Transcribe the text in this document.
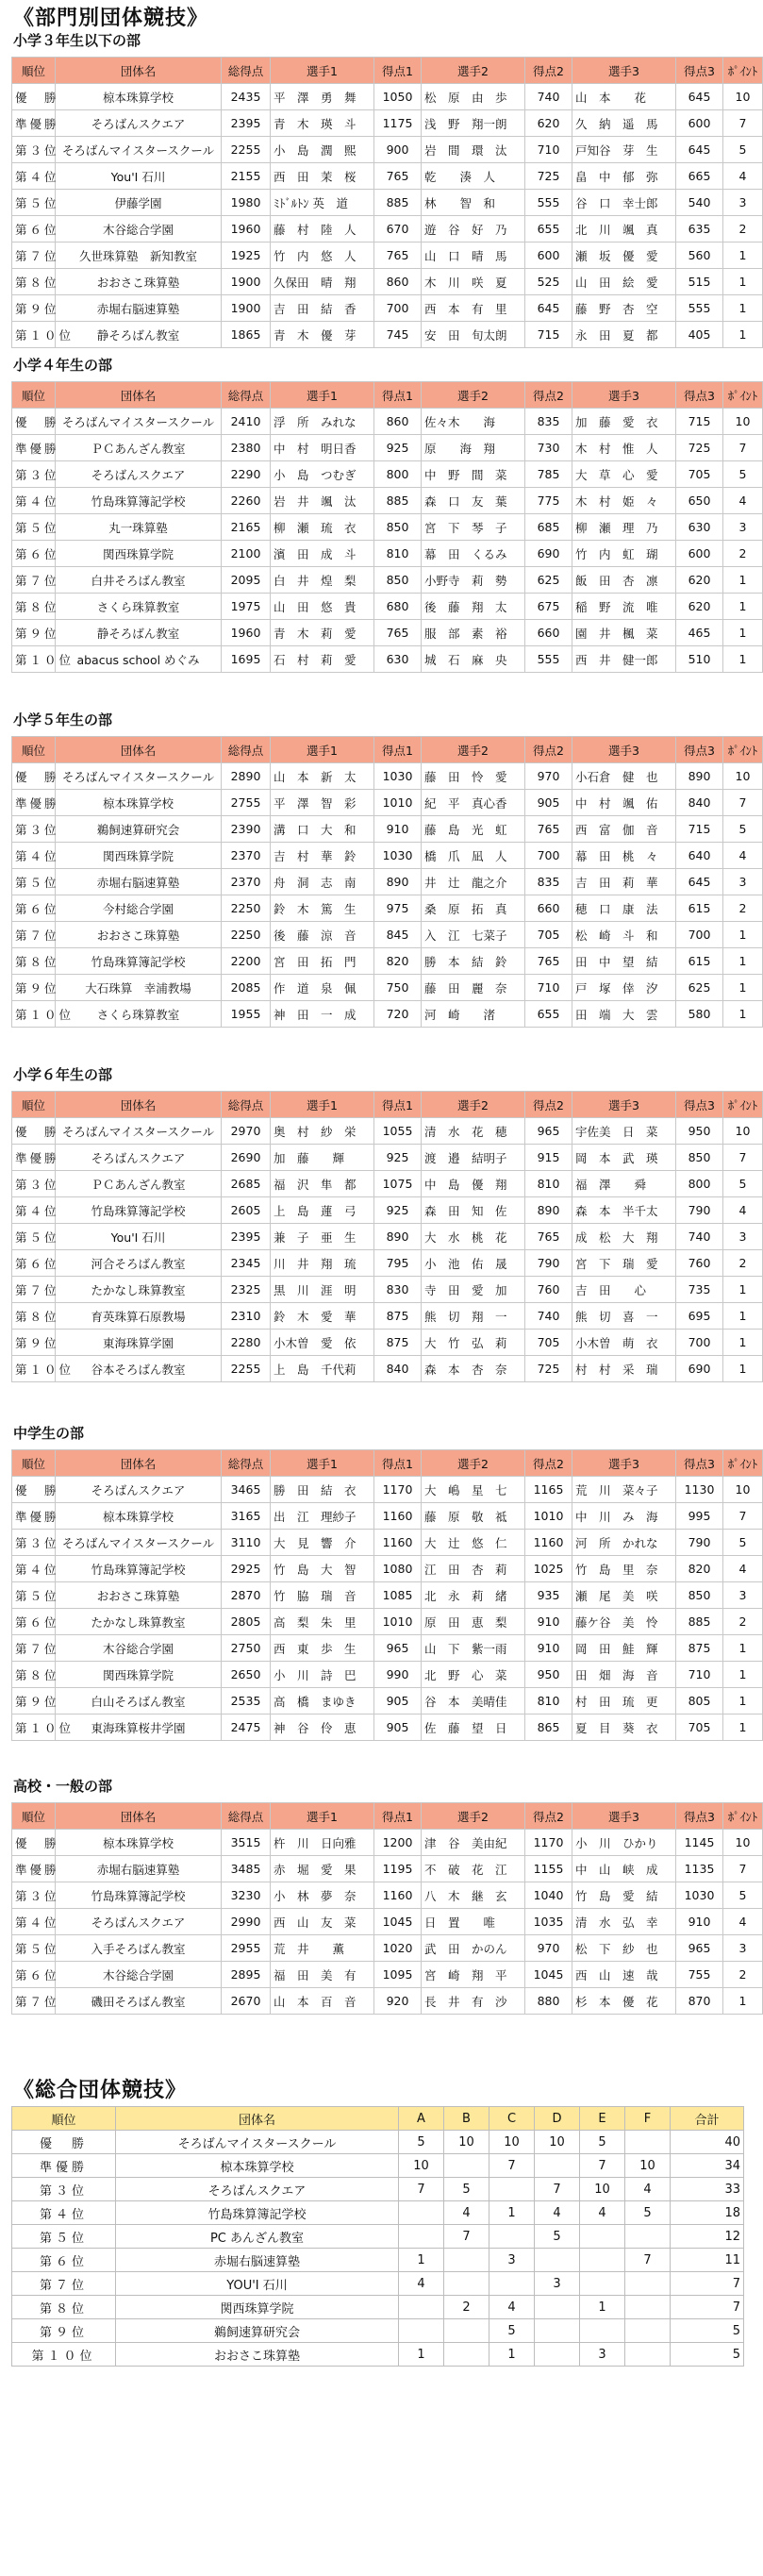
《部門別団体競技》
小学３年生以下の部
順位	団体名	総得点	選手1	得点1	選手2	得点2	選手3	得点3	ﾎﾟｲﾝﾄ
優　勝	椋本珠算学校	2435	平　澤　勇　舞	1050	松　原　由　歩	740	山　本　　花	645	10
準優勝	そろばんスクエア	2395	青　木　瑛　斗	1175	浅　野　翔一朗	620	久　納　遥　馬	600	7
第３位	そろばんマイスタースクール	2255	小　島　潤　熙	900	岩　間　環　汰	710	戸知谷　芽　生	645	5
第４位	You'I 石川	2155	西　田　茉　桜	765	乾　　湊　人	725	畠　中　郁　弥	665	4
第５位	伊藤学園	1980	ﾐﾄﾞﾙﾄﾝ 英　道	885	林　　智　和	555	谷　口　幸士郎	540	3
第６位	木谷総合学園	1960	藤　村　陸　人	670	遊　谷　好　乃	655	北　川　颯　真	635	2
第７位	久世珠算塾　新知教室	1925	竹　内　悠　人	765	山　口　晴　馬	600	瀬　坂　優　愛	560	1
第８位	おおさこ珠算塾	1900	久保田　晴　翔	860	木　川　咲　夏	525	山　田　絵　愛	515	1
第９位	赤堀右脳速算塾	1900	吉　田　結　香	700	西　本　有　里	645	藤　野　杏　空	555	1
第１０位	静そろばん教室	1865	青　木　優　芽	745	安　田　旬太朗	715	永　田　夏　都	405	1
小学４年生の部
順位	団体名	総得点	選手1	得点1	選手2	得点2	選手3	得点3	ﾎﾟｲﾝﾄ
優　勝	そろばんマイスタースクール	2410	浮　所　みれな	860	佐々木　　海	835	加　藤　愛　衣	715	10
準優勝	ＰＣあんざん教室	2380	中　村　明日香	925	原　　海　翔	730	木　村　惟　人	725	7
第３位	そろばんスクエア	2290	小　島　つむぎ	800	中　野　間　菜	785	大　草　心　愛	705	5
第４位	竹島珠算簿記学校	2260	岩　井　颯　汰	885	森　口　友　葉	775	木　村　姫　々	650	4
第５位	丸一珠算塾	2165	柳　瀬　琉　衣	850	宮　下　琴　子	685	柳　瀬　理　乃	630	3
第６位	関西珠算学院	2100	濱　田　成　斗	810	幕　田　くるみ	690	竹　内　虹　瑚	600	2
第７位	白井そろばん教室	2095	白　井　煌　梨	850	小野寺　莉　勢	625	飯　田　杏　凛	620	1
第８位	さくら珠算教室	1975	山　田　悠　貴	680	後　藤　翔　太	675	稲　野　流　唯	620	1
第９位	静そろばん教室	1960	青　木　莉　愛	765	服　部　素　裕	660	園　井　楓　菜	465	1
第１０位	abacus school めぐみ	1695	石　村　莉　愛	630	城　石　麻　央	555	西　井　健一郎	510	1
小学５年生の部
順位	団体名	総得点	選手1	得点1	選手2	得点2	選手3	得点3	ﾎﾟｲﾝﾄ
優　勝	そろばんマイスタースクール	2890	山　本　新　太	1030	藤　田　怜　愛	970	小石倉　健　也	890	10
準優勝	椋本珠算学校	2755	平　澤　智　彩	1010	紀　平　真心香	905	中　村　颯　佑	840	7
第３位	鵜飼速算研究会	2390	溝　口　大　和	910	藤　島　光　虹	765	西　富　伽　音	715	5
第４位	関西珠算学院	2370	吉　村　華　鈴	1030	橋　爪　凪　人	700	幕　田　桃　々	640	4
第５位	赤堀右脳速算塾	2370	舟　洞　志　南	890	井　辻　龍之介	835	吉　田　莉　華	645	3
第６位	今村総合学園	2250	鈴　木　篤　生	975	桑　原　拓　真	660	穂　口　康　法	615	2
第７位	おおさこ珠算塾	2250	後　藤　涼　音	845	入　江　七菜子	705	松　崎　斗　和	700	1
第８位	竹島珠算簿記学校	2200	宮　田　拓　門	820	勝　本　結　鈴	765	田　中　望　結	615	1
第９位	大石珠算　幸浦教場	2085	作　道　泉　佩	750	藤　田　麗　奈	710	戸　塚　倖　汐	625	1
第１０位	さくら珠算教室	1955	神　田　一　成	720	河　崎　　渚	655	田　端　大　雲	580	1
小学６年生の部
順位	団体名	総得点	選手1	得点1	選手2	得点2	選手3	得点3	ﾎﾟｲﾝﾄ
優　勝	そろばんマイスタースクール	2970	奥　村　紗　栄	1055	清　水　花　穂	965	宇佐美　日　菜	950	10
準優勝	そろばんスクエア	2690	加　藤　　輝	925	渡　邉　結明子	915	岡　本　武　瑛	850	7
第３位	ＰＣあんざん教室	2685	福　沢　隼　都	1075	中　島　優　翔	810	福　澤　　舜	800	5
第４位	竹島珠算簿記学校	2605	上　島　蓮　弓	925	森　田　知　佐	890	森　本　半千太	790	4
第５位	You'I 石川	2395	兼　子　亜　生	890	大　水　桃　花	765	成　松　大　翔	740	3
第６位	河合そろばん教室	2345	川　井　翔　琉	795	小　池　佑　晟	790	宮　下　瑞　愛	760	2
第７位	たかなし珠算教室	2325	黒　川　涯　明	830	寺　田　愛　加	760	吉　田　　心	735	1
第８位	育英珠算石原教場	2310	鈴　木　愛　華	875	熊　切　翔　一	740	熊　切　喜　一	695	1
第９位	東海珠算学園	2280	小木曽　愛　依	875	大　竹　弘　莉	705	小木曽　萌　衣	700	1
第１０位	谷本そろばん教室	2255	上　島　千代莉	840	森　本　杏　奈	725	村　村　采　瑞	690	1
中学生の部
順位	団体名	総得点	選手1	得点1	選手2	得点2	選手3	得点3	ﾎﾟｲﾝﾄ
優　勝	そろばんスクエア	3465	勝　田　結　衣	1170	大　嶋　星　七	1165	荒　川　菜々子	1130	10
準優勝	椋本珠算学校	3165	出　江　理紗子	1160	藤　原　敬　祗	1010	中　川　み　海	995	7
第３位	そろばんマイスタースクール	3110	大　見　響　介	1160	大　辻　悠　仁	1160	河　所　かれな	790	5
第４位	竹島珠算簿記学校	2925	竹　島　大　智	1080	江　田　杏　莉	1025	竹　島　里　奈	820	4
第５位	おおさこ珠算塾	2870	竹　脇　瑞　音	1085	北　永　莉　緒	935	瀬　尾　美　咲	850	3
第６位	たかなし珠算教室	2805	高　梨　朱　里	1010	原　田　恵　梨	910	藤ケ谷　美　怜	885	2
第７位	木谷総合学園	2750	西　東　歩　生	965	山　下　紫一雨	910	岡　田　鮭　輝	875	1
第８位	関西珠算学院	2650	小　川　詩　巴	990	北　野　心　菜	950	田　畑　海　音	710	1
第９位	白山そろばん教室	2535	高　橋　まゆき	905	谷　本　美晴佳	810	村　田　琉　更	805	1
第１０位	東海珠算桜井学園	2475	神　谷　伶　恵	905	佐　藤　望　日	865	夏　目　葵　衣	705	1
高校・一般の部
順位	団体名	総得点	選手1	得点1	選手2	得点2	選手3	得点3	ﾎﾟｲﾝﾄ
優　勝	椋本珠算学校	3515	杵　川　日向雅	1200	津　谷　美由紀	1170	小　川　ひかり	1145	10
準優勝	赤堀右脳速算塾	3485	赤　堀　愛　果	1195	不　破　花　江	1155	中　山　峡　成	1135	7
第３位	竹島珠算簿記学校	3230	小　林　夢　奈	1160	八　木　継　玄	1040	竹　島　愛　結	1030	5
第４位	そろばんスクエア	2990	西　山　友　菜	1045	日　置　　唯	1035	清　水　弘　幸	910	4
第５位	入手そろばん教室	2955	荒　井　　薫	1020	武　田　かのん	970	松　下　紗　也	965	3
第６位	木谷総合学園	2895	福　田　美　有	1095	宮　崎　翔　平	1045	西　山　速　哉	755	2
第７位	磯田そろばん教室	2670	山　本　百　音	920	長　井　有　沙	880	杉　本　優　花	870	1
《総合団体競技》
順位	団体名	A	B	C	D	E	F	合計
優　勝	そろばんマイスタースクール	5	10	10	10	5		40
準優勝	椋本珠算学校	10		7		7	10	34
第３位	そろばんスクエア	7	5		7	10	4	33
第４位	竹島珠算簿記学校		4	1	4	4	5	18
第５位	PC あんざん教室		7		5			12
第６位	赤堀右脳速算塾	1		3			7	11
第７位	YOU'I 石川	4			3			7
第８位	関西珠算学院		2	4		1		7
第９位	鵜飼速算研究会			5				5
第１０位	おおさこ珠算塾	1		1		3		5
